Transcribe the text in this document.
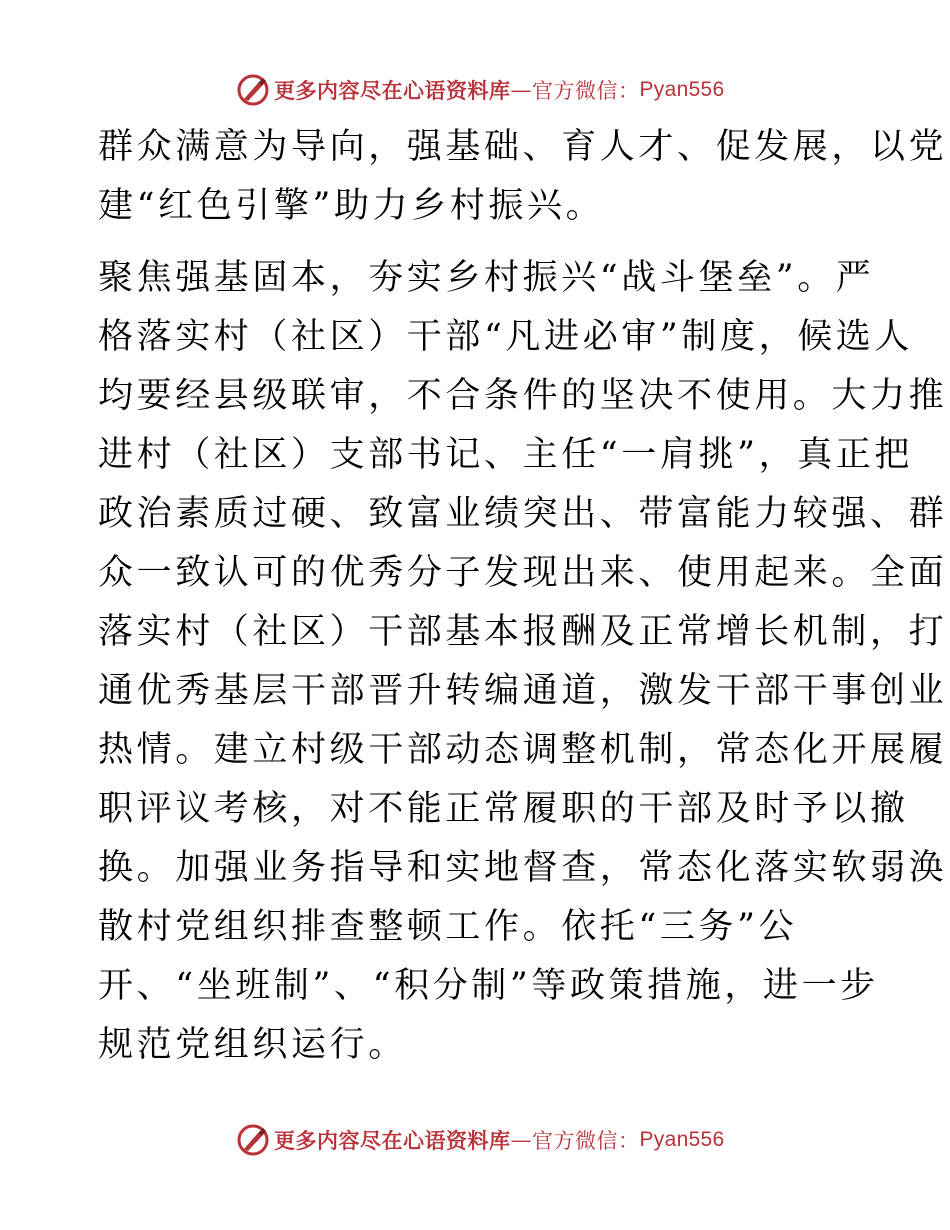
更多内容尽在心语资料库 — 官方微信： Pyan556

群众满意为导向，强基础、育人才、促发展，以党
建“红色引擎”助力乡村振兴。

聚焦强基固本，夯实乡村振兴“战斗堡垒”。严
格落实村（社区）干部“凡进必审”制度，候选人
均要经县级联审，不合条件的坚决不使用。大力推
进村（社区）支部书记、主任“一肩挑”，真正把
政治素质过硬、致富业绩突出、带富能力较强、群
众一致认可的优秀分子发现出来、使用起来。全面
落实村（社区）干部基本报酬及正常增长机制，打
通优秀基层干部晋升转编通道，激发干部干事创业
热情。建立村级干部动态调整机制，常态化开展履
职评议考核，对不能正常履职的干部及时予以撤
换。加强业务指导和实地督查，常态化落实软弱涣
散村党组织排查整顿工作。依托“三务”公
开、“坐班制”、“积分制”等政策措施，进一步
规范党组织运行。

更多内容尽在心语资料库 — 官方微信： Pyan556
